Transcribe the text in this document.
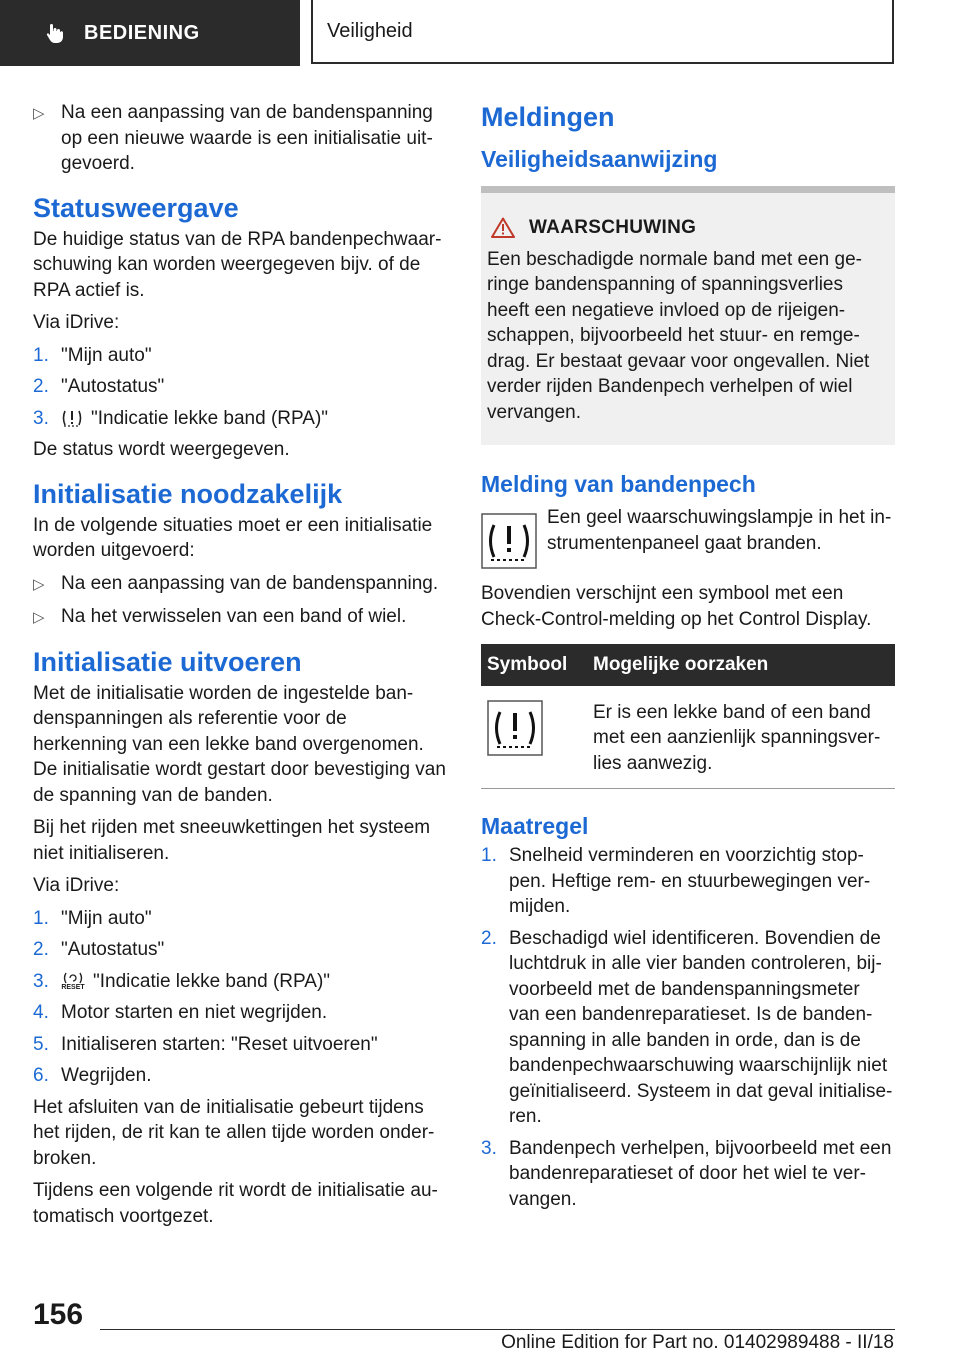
BEDIENING	Veiligheid
▷ Na een aanpassing van de bandenspanning op een nieuwe waarde is een initialisatie uit-gevoerd.
Statusweergave

De huidige status van de RPA bandenpechwaar-schuwing kan worden weergegeven bijv. of de RPA actief is.

Via iDrive:

1. "Mijn auto"
2. "Autostatus"
3.	"Indicatie lekke band (RPA)"

De status wordt weergegeven.

Initialisatie noodzakelijk

In de volgende situaties moet er een initialisatie worden uitgevoerd:

▷ Na een aanpassing van de bandenspanning.
▷ Na het verwisselen van een band of wiel.
Initialisatie uitvoeren

Met de initialisatie worden de ingestelde ban-denspanningen als referentie voor de herkenning van een lekke band overgenomen. De initialisatie wordt gestart door bevestiging van de spanning van de banden.

Bij het rijden met sneeuwkettingen het systeem niet initialiseren.

Via iDrive:

1. "Mijn auto"
2. "Autostatus"
3.	RESET "Indicatie lekke band (RPA)"
4. Motor starten en niet wegrijden.
5. Initialiseren starten: "Reset uitvoeren"
6. Wegrijden.

Het afsluiten van de initialisatie gebeurt tijdens het rijden, de rit kan te allen tijde worden onder-broken.

Tijdens een volgende rit wordt de initialisatie au-tomatisch voortgezet.

Meldingen
Veiligheidsaanwijzing
WAARSCHUWING
Een beschadigde normale band met een ge-ringe bandenspanning of spanningsverlies heeft een negatieve invloed op de rijeigen-schappen, bijvoorbeeld het stuur- en remge-drag. Er bestaat gevaar voor ongevallen. Niet verder rijden Bandenpech verhelpen of wiel vervangen.
Melding van bandenpech
Een geel waarschuwingslampje in het in-strumentenpaneel gaat branden.

Bovendien verschijnt een symbool met een Check-Control-melding op het Control Display.

Symbool	Mogelijke oorzaken
	Er is een lekke band of een band met een aanzienlijk spanningsver-lies aanwezig.
Maatregel
1. Snelheid verminderen en voorzichtig stop-pen. Heftige rem- en stuurbewegingen ver-mijden.
2. Beschadigd wiel identificeren. Bovendien de luchtdruk in alle vier banden controleren, bij-voorbeeld met de bandenspanningsmeter van een bandenreparatieset. Is de banden-spanning in alle banden in orde, dan is de bandenpechwaarschuwing waarschijnlijk niet geïnitialiseerd. Systeem in dat geval initialise-ren.
3. Bandenpech verhelpen, bijvoorbeeld met een bandenreparatieset of door het wiel te ver-vangen.
156
Online Edition for Part no. 01402989488 - II/18
